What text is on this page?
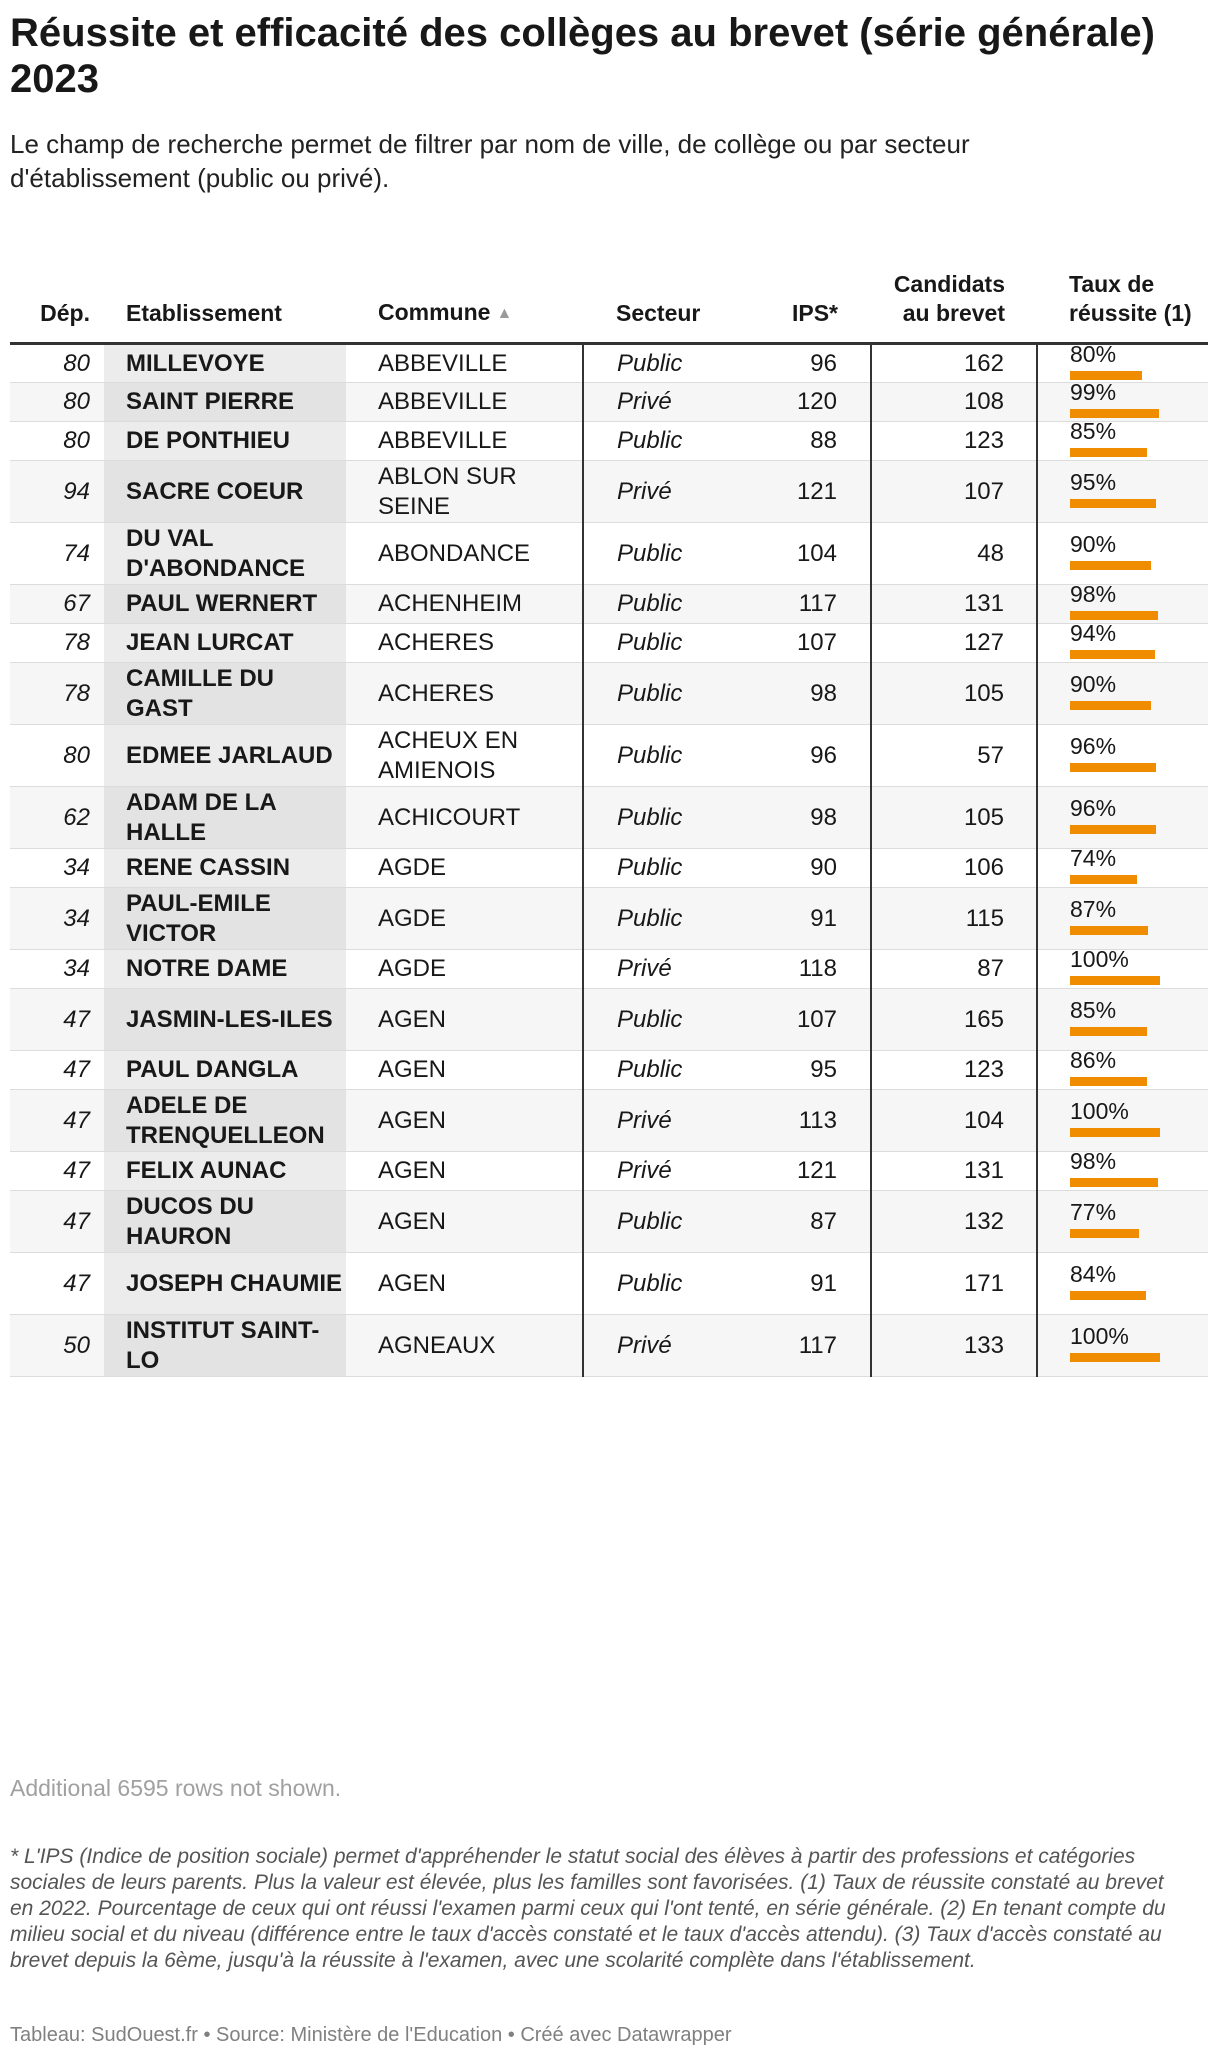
Réussite et efficacité des collèges au brevet (série générale) 2023

Le champ de recherche permet de filtrer par nom de ville, de collège ou par secteur d'établissement (public ou privé).

Dép.	Etablissement	Commune ▲	Secteur	IPS*	Candidats au brevet	Taux de réussite (1)
80	MILLEVOYE	ABBEVILLE	Public	96	162	80%

80	SAINT PIERRE	ABBEVILLE	Privé	120	108	99%

80	DE PONTHIEU	ABBEVILLE	Public	88	123	85%

94	SACRE COEUR	ABLON SUR SEINE	Privé	121	107	95%

74	DU VAL D'ABONDANCE	ABONDANCE	Public	104	48	90%

67	PAUL WERNERT	ACHENHEIM	Public	117	131	98%

78	JEAN LURCAT	ACHERES	Public	107	127	94%

78	CAMILLE DU GAST	ACHERES	Public	98	105	90%

80	EDMEE JARLAUD	ACHEUX EN AMIENOIS	Public	96	57	96%

62	ADAM DE LA HALLE	ACHICOURT	Public	98	105	96%

34	RENE CASSIN	AGDE	Public	90	106	74%

34	PAUL-EMILE VICTOR	AGDE	Public	91	115	87%

34	NOTRE DAME	AGDE	Privé	118	87	100%

47	JASMIN-LES-ILES	AGEN	Public	107	165	85%

47	PAUL DANGLA	AGEN	Public	95	123	86%

47	ADELE DE TRENQUELLEON	AGEN	Privé	113	104	100%

47	FELIX AUNAC	AGEN	Privé	121	131	98%

47	DUCOS DU HAURON	AGEN	Public	87	132	77%

47	JOSEPH CHAUMIE	AGEN	Public	91	171	84%

50	INSTITUT SAINT-LO	AGNEAUX	Privé	117	133	100%

Additional 6595 rows not shown.

* L'IPS (Indice de position sociale) permet d'appréhender le statut social des élèves à partir des professions et catégories sociales de leurs parents. Plus la valeur est élevée, plus les familles sont favorisées. (1) Taux de réussite constaté au brevet en 2022. Pourcentage de ceux qui ont réussi l'examen parmi ceux qui l'ont tenté, en série générale. (2) En tenant compte du milieu social et du niveau (différence entre le taux d'accès constaté et le taux d'accès attendu). (3) Taux d'accès constaté au brevet depuis la 6ème, jusqu'à la réussite à l'examen, avec une scolarité complète dans l'établissement.

Tableau: SudOuest.fr • Source: Ministère de l'Education • Créé avec Datawrapper
